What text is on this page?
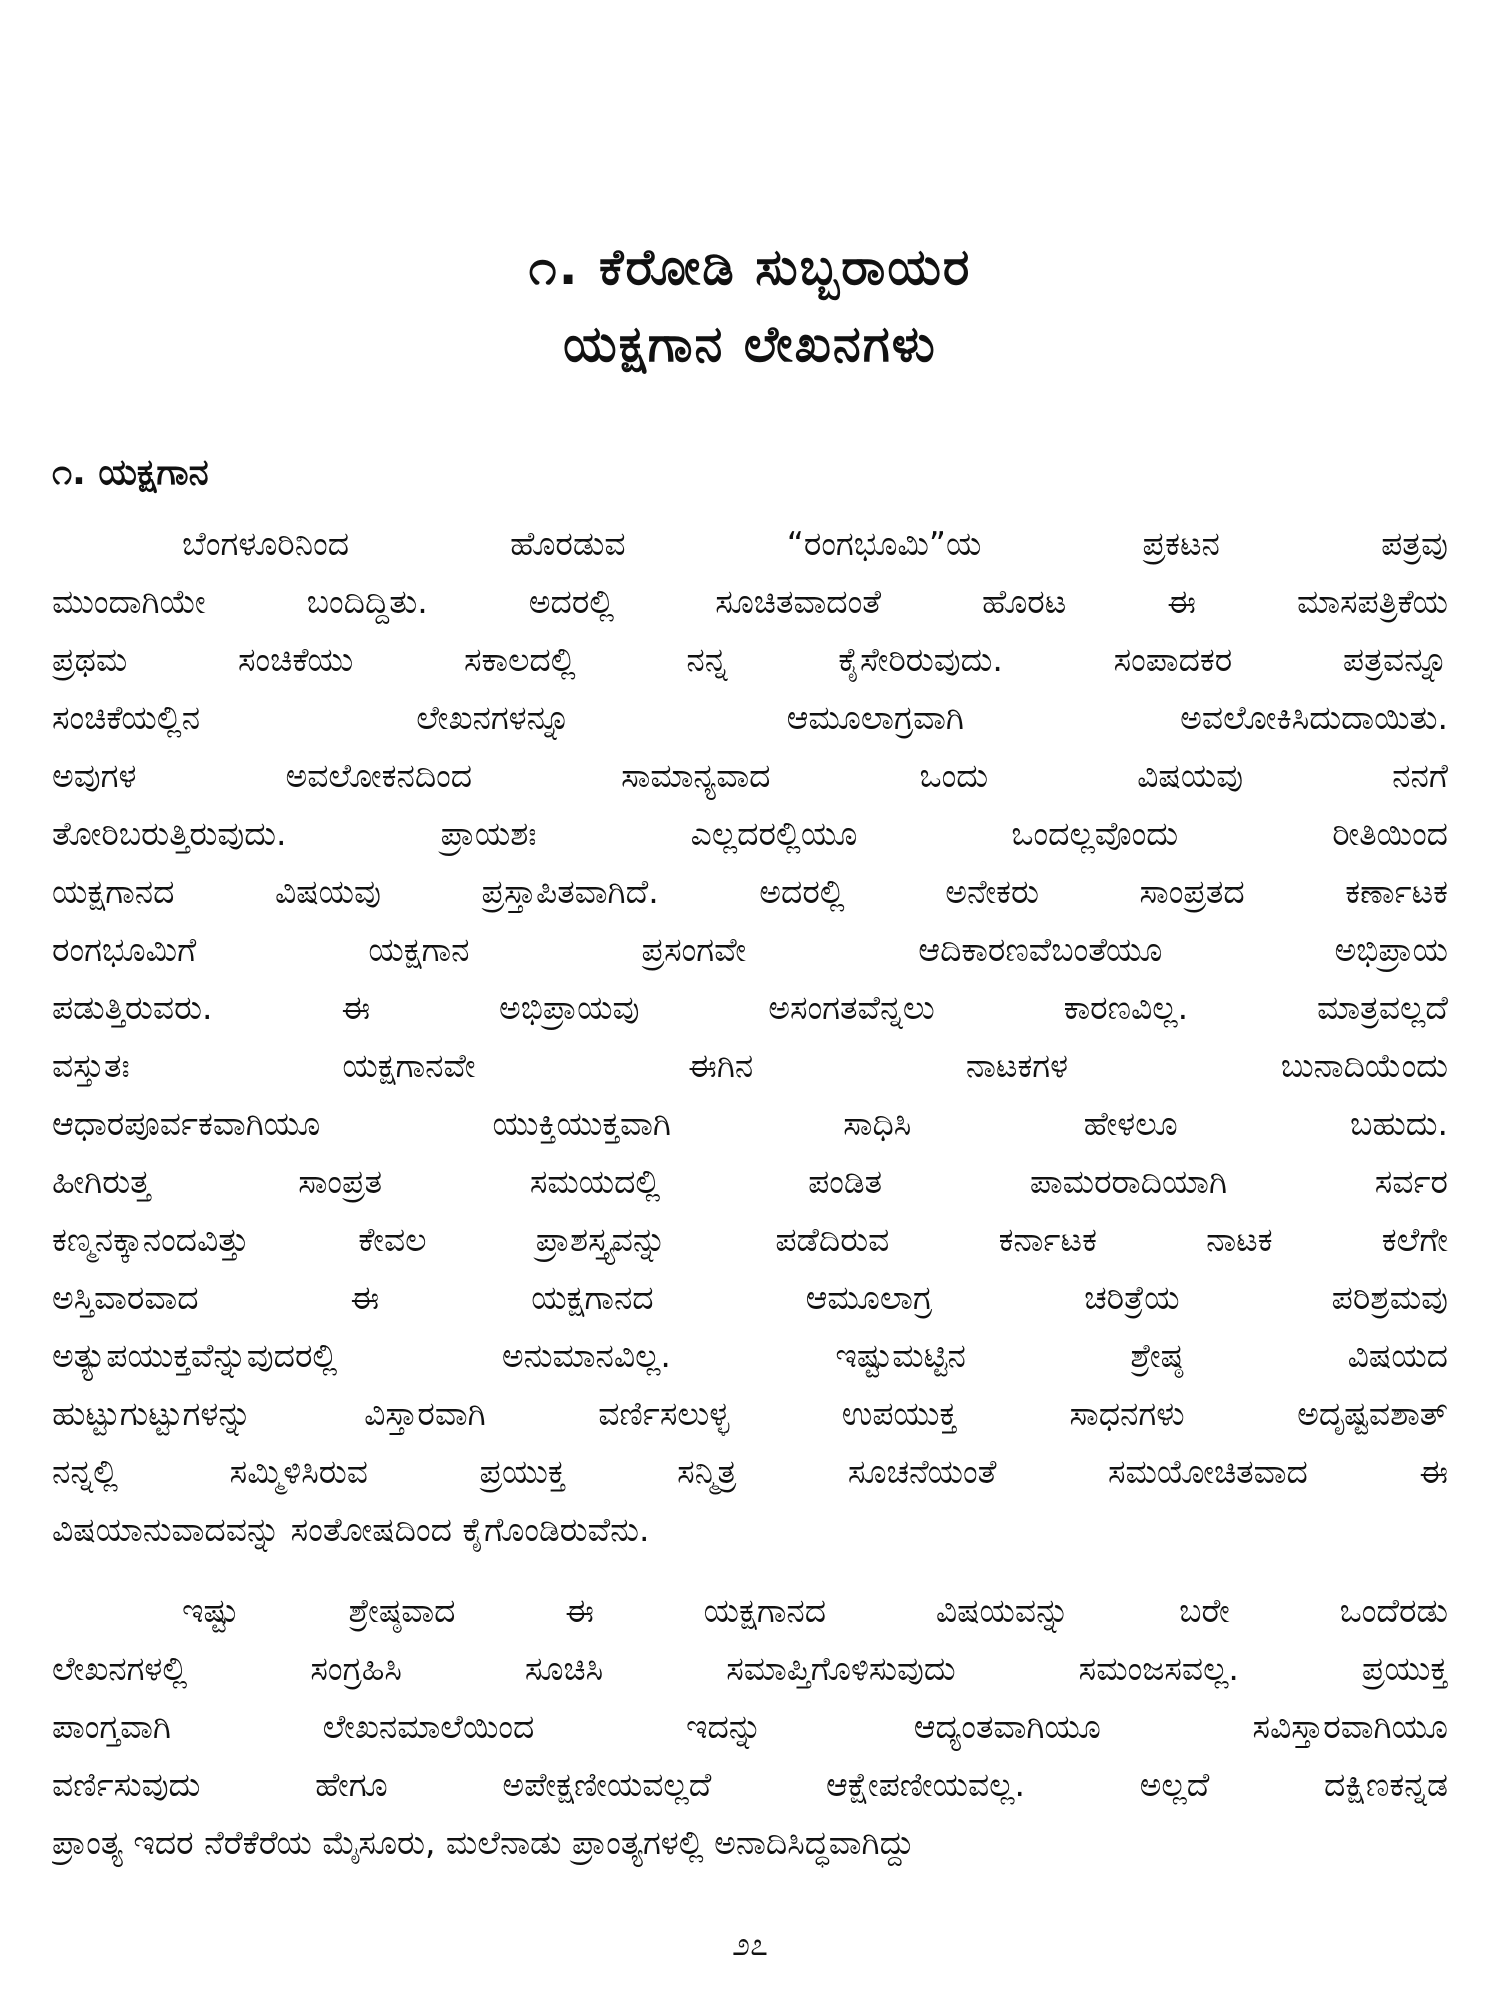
೧. ಕೆರೋಡಿ ಸುಬ್ಬರಾಯರ
ಯಕ್ಷಗಾನ ಲೇಖನಗಳು
೧. ಯಕ್ಷಗಾನ
ಬೆಂಗಳೂರಿನಿಂದ ಹೊರಡುವ “ರಂಗಭೂಮಿ”ಯ ಪ್ರಕಟನ ಪತ್ರವು
ಮುಂದಾಗಿಯೇ ಬಂದಿದ್ದಿತು. ಅದರಲ್ಲಿ ಸೂಚಿತವಾದಂತೆ ಹೊರಟ ಈ ಮಾಸಪತ್ರಿಕೆಯ
ಪ್ರಥಮ ಸಂಚಿಕೆಯು ಸಕಾಲದಲ್ಲಿ ನನ್ನ ಕೈಸೇರಿರುವುದು. ಸಂಪಾದಕರ ಪತ್ರವನ್ನೂ
ಸಂಚಿಕೆಯಲ್ಲಿನ ಲೇಖನಗಳನ್ನೂ ಆಮೂಲಾಗ್ರವಾಗಿ ಅವಲೋಕಿಸಿದುದಾಯಿತು.
ಅವುಗಳ ಅವಲೋಕನದಿಂದ ಸಾಮಾನ್ಯವಾದ ಒಂದು ವಿಷಯವು ನನಗೆ
ತೋರಿಬರುತ್ತಿರುವುದು. ಪ್ರಾಯಶಃ ಎಲ್ಲದರಲ್ಲಿಯೂ ಒಂದಲ್ಲವೊಂದು ರೀತಿಯಿಂದ
ಯಕ್ಷಗಾನದ ವಿಷಯವು ಪ್ರಸ್ತಾಪಿತವಾಗಿದೆ. ಅದರಲ್ಲಿ ಅನೇಕರು ಸಾಂಪ್ರತದ ಕರ್ಣಾಟಕ
ರಂಗಭೂಮಿಗೆ ಯಕ್ಷಗಾನ ಪ್ರಸಂಗವೇ ಆದಿಕಾರಣವೆಬಂತೆಯೂ ಅಭಿಪ್ರಾಯ
ಪಡುತ್ತಿರುವರು. ಈ ಅಭಿಪ್ರಾಯವು ಅಸಂಗತವೆನ್ನಲು ಕಾರಣವಿಲ್ಲ. ಮಾತ್ರವಲ್ಲದೆ
ವಸ್ತುತಃ ಯಕ್ಷಗಾನವೇ ಈಗಿನ ನಾಟಕಗಳ ಬುನಾದಿಯೆಂದು
ಆಧಾರಪೂರ್ವಕವಾಗಿಯೂ ಯುಕ್ತಿಯುಕ್ತವಾಗಿ ಸಾಧಿಸಿ ಹೇಳಲೂ ಬಹುದು.
ಹೀಗಿರುತ್ತ ಸಾಂಪ್ರತ ಸಮಯದಲ್ಲಿ ಪಂಡಿತ ಪಾಮರರಾದಿಯಾಗಿ ಸರ್ವರ
ಕಣ್ಮನಕ್ಕಾನಂದವಿತ್ತು ಕೇವಲ ಪ್ರಾಶಸ್ತ್ಯವನ್ನು ಪಡೆದಿರುವ ಕರ್ನಾಟಕ ನಾಟಕ ಕಲೆಗೇ
ಅಸ್ತಿವಾರವಾದ ಈ ಯಕ್ಷಗಾನದ ಆಮೂಲಾಗ್ರ ಚರಿತ್ರೆಯ ಪರಿಶ್ರಮವು
ಅತ್ಯುಪಯುಕ್ತವೆನ್ನುವುದರಲ್ಲಿ ಅನುಮಾನವಿಲ್ಲ. ಇಷ್ಟುಮಟ್ಟಿನ ಶ್ರೇಷ್ಠ ವಿಷಯದ
ಹುಟ್ಟುಗುಟ್ಟುಗಳನ್ನು ವಿಸ್ತಾರವಾಗಿ ವರ್ಣಿಸಲುಳ್ಳ ಉಪಯುಕ್ತ ಸಾಧನಗಳು ಅದೃಷ್ಟವಶಾತ್
ನನ್ನಲ್ಲಿ ಸಮ್ಮಿಳಿಸಿರುವ ಪ್ರಯುಕ್ತ ಸನ್ಮಿತ್ರ ಸೂಚನೆಯಂತೆ ಸಮಯೋಚಿತವಾದ ಈ
ವಿಷಯಾನುವಾದವನ್ನು ಸಂತೋಷದಿಂದ ಕೈಗೊಂಡಿರುವೆನು.
ಇಷ್ಟು ಶ್ರೇಷ್ಠವಾದ ಈ ಯಕ್ಷಗಾನದ ವಿಷಯವನ್ನು ಬರೇ ಒಂದೆರಡು
ಲೇಖನಗಳಲ್ಲಿ ಸಂಗ್ರಹಿಸಿ ಸೂಚಿಸಿ ಸಮಾಪ್ತಿಗೊಳಿಸುವುದು ಸಮಂಜಸವಲ್ಲ. ಪ್ರಯುಕ್ತ
ಪಾಂಗ್ತವಾಗಿ ಲೇಖನಮಾಲೆಯಿಂದ ಇದನ್ನು ಆದ್ಯಂತವಾಗಿಯೂ ಸವಿಸ್ತಾರವಾಗಿಯೂ
ವರ್ಣಿಸುವುದು ಹೇಗೂ ಅಪೇಕ್ಷಣೀಯವಲ್ಲದೆ ಆಕ್ಷೇಪಣೀಯವಲ್ಲ. ಅಲ್ಲದೆ ದಕ್ಷಿಣಕನ್ನಡ
ಪ್ರಾಂತ್ಯ ಇದರ ನೆರೆಕೆರೆಯ ಮೈಸೂರು, ಮಲೆನಾಡು ಪ್ರಾಂತ್ಯಗಳಲ್ಲಿ ಅನಾದಿಸಿದ್ಧವಾಗಿದ್ದು
೨೭
